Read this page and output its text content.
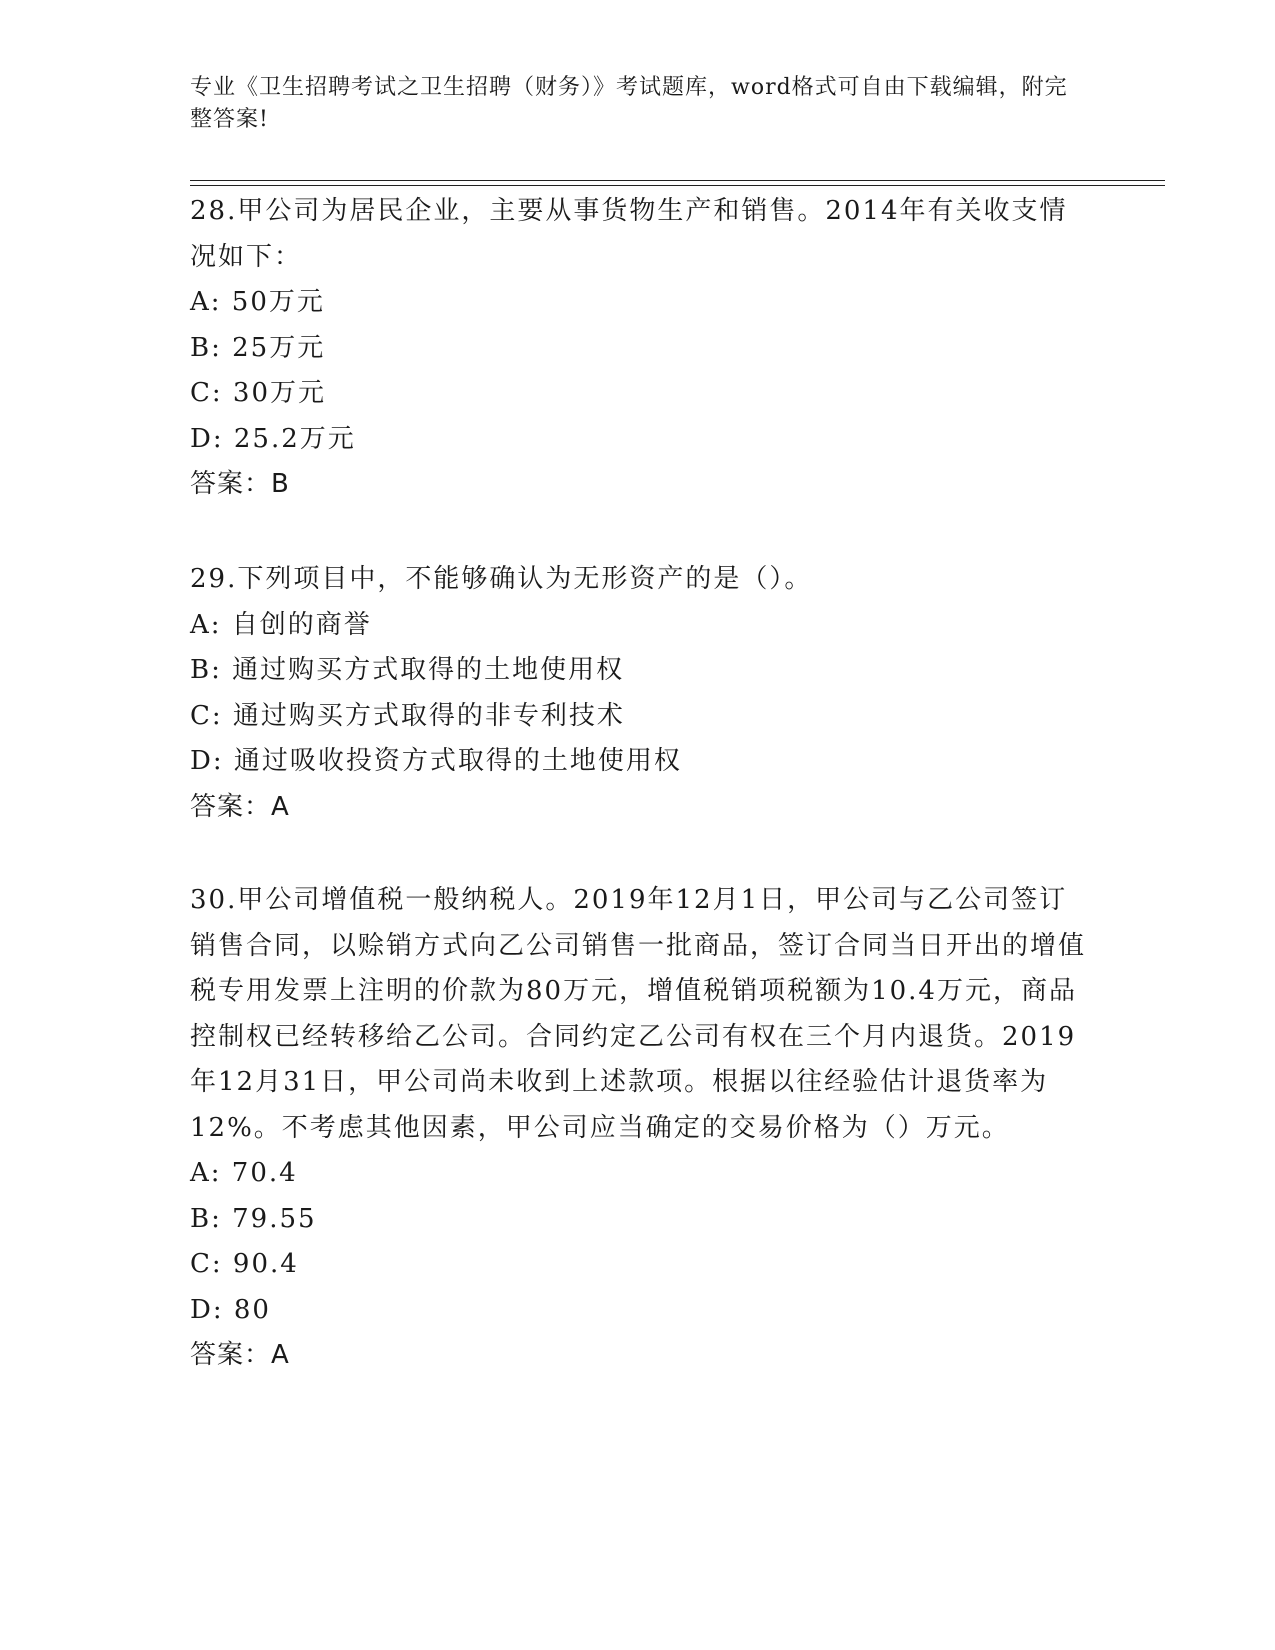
专业《卫生招聘考试之卫生招聘（财务）》考试题库，word格式可自由下载编辑，附完整答案!

28.甲公司为居民企业，主要从事货物生产和销售。2014年有关收支情况如下：

A: 50万元

B: 25万元

C: 30万元

D: 25.2万元

答案：B

29.下列项目中，不能够确认为无形资产的是（）。

A: 自创的商誉

B: 通过购买方式取得的土地使用权

C: 通过购买方式取得的非专利技术

D: 通过吸收投资方式取得的土地使用权

答案：A

30.甲公司增值税一般纳税人。2019年12月1日，甲公司与乙公司签订销售合同，以赊销方式向乙公司销售一批商品，签订合同当日开出的增值税专用发票上注明的价款为80万元，增值税销项税额为10.4万元，商品控制权已经转移给乙公司。合同约定乙公司有权在三个月内退货。2019年12月31日，甲公司尚未收到上述款项。根据以往经验估计退货率为12%。不考虑其他因素，甲公司应当确定的交易价格为（）万元。

A: 70.4

B: 79.55

C: 90.4

D: 80

答案：A
